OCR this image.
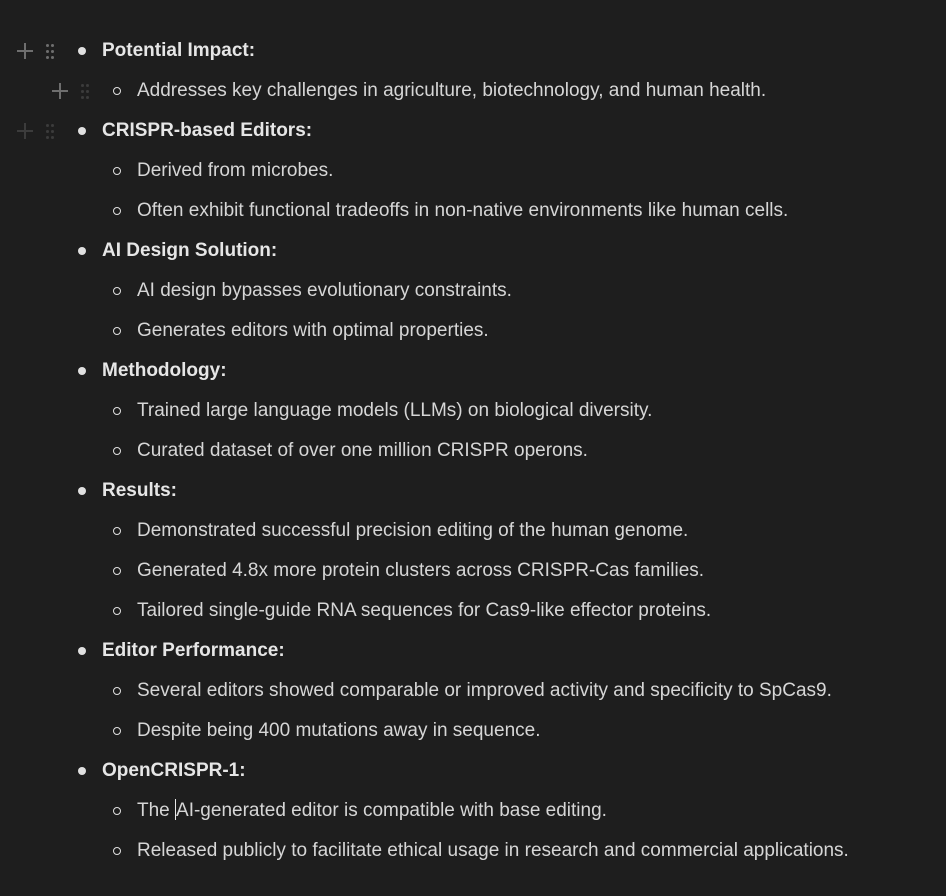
Potential Impact:
Addresses key challenges in agriculture, biotechnology, and human health.
CRISPR-based Editors:
Derived from microbes.
Often exhibit functional tradeoffs in non-native environments like human cells.
AI Design Solution:
AI design bypasses evolutionary constraints.
Generates editors with optimal properties.
Methodology:
Trained large language models (LLMs) on biological diversity.
Curated dataset of over one million CRISPR operons.
Results:
Demonstrated successful precision editing of the human genome.
Generated 4.8x more protein clusters across CRISPR-Cas families.
Tailored single-guide RNA sequences for Cas9-like effector proteins.
Editor Performance:
Several editors showed comparable or improved activity and specificity to SpCas9.
Despite being 400 mutations away in sequence.
OpenCRISPR-1:
The AI-generated editor is compatible with base editing.
Released publicly to facilitate ethical usage in research and commercial applications.
